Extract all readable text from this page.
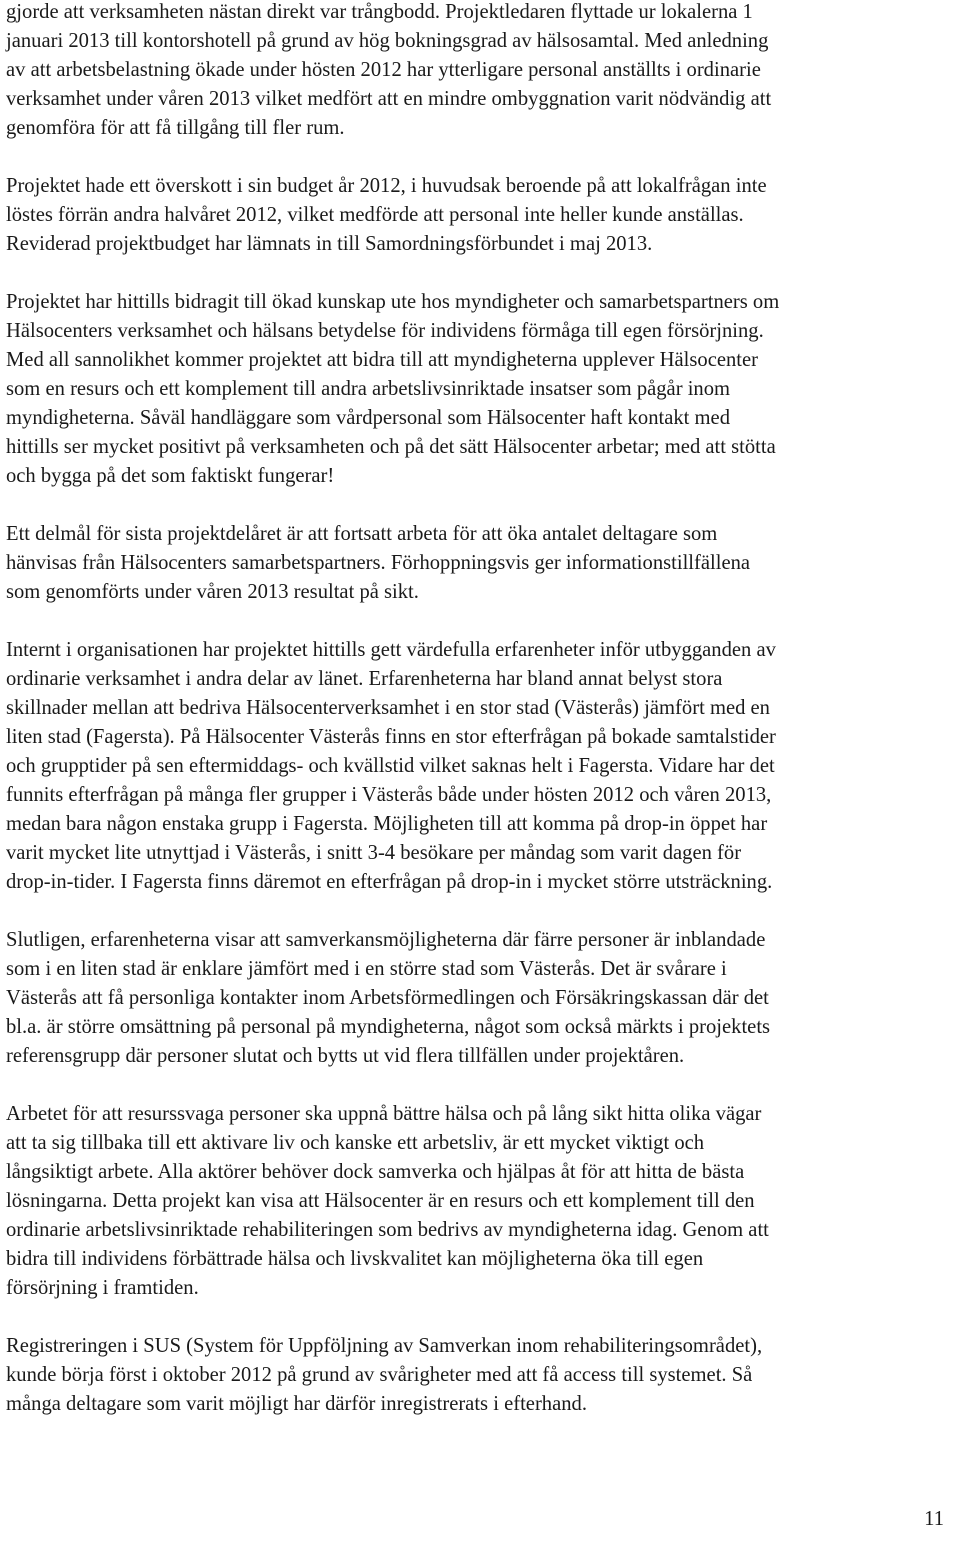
gjorde att verksamheten nästan direkt var trångbodd. Projektledaren flyttade ur lokalerna 1
januari 2013 till kontorshotell på grund av hög bokningsgrad av hälsosamtal. Med anledning
av att arbetsbelastning ökade under hösten 2012 har ytterligare personal anställts i ordinarie
verksamhet under våren 2013 vilket medfört att en mindre ombyggnation varit nödvändig att
genomföra för att få tillgång till fler rum.

Projektet hade ett överskott i sin budget år 2012, i huvudsak beroende på att lokalfrågan inte
löstes förrän andra halvåret 2012, vilket medförde att personal inte heller kunde anställas.
Reviderad projektbudget har lämnats in till Samordningsförbundet i maj 2013.

Projektet har hittills bidragit till ökad kunskap ute hos myndigheter och samarbetspartners om
Hälsocenters verksamhet och hälsans betydelse för individens förmåga till egen försörjning.
Med all sannolikhet kommer projektet att bidra till att myndigheterna upplever Hälsocenter
som en resurs och ett komplement till andra arbetslivsinriktade insatser som pågår inom
myndigheterna. Såväl handläggare som vårdpersonal som Hälsocenter haft kontakt med
hittills ser mycket positivt på verksamheten och på det sätt Hälsocenter arbetar; med att stötta
och bygga på det som faktiskt fungerar!

Ett delmål för sista projektdelåret är att fortsatt arbeta för att öka antalet deltagare som
hänvisas från Hälsocenters samarbetspartners. Förhoppningsvis ger informationstillfällena
som genomförts under våren 2013 resultat på sikt.

Internt i organisationen har projektet hittills gett värdefulla erfarenheter inför utbygganden av
ordinarie verksamhet i andra delar av länet. Erfarenheterna har bland annat belyst stora
skillnader mellan att bedriva Hälsocenterverksamhet i en stor stad (Västerås) jämfört med en
liten stad (Fagersta). På Hälsocenter Västerås finns en stor efterfrågan på bokade samtalstider
och grupptider på sen eftermiddags- och kvällstid vilket saknas helt i Fagersta. Vidare har det
funnits efterfrågan på många fler grupper i Västerås både under hösten 2012 och våren 2013,
medan bara någon enstaka grupp i Fagersta. Möjligheten till att komma på drop-in öppet har
varit mycket lite utnyttjad i Västerås, i snitt 3-4 besökare per måndag som varit dagen för
drop-in-tider. I Fagersta finns däremot en efterfrågan på drop-in i mycket större utsträckning.

Slutligen, erfarenheterna visar att samverkansmöjligheterna där färre personer är inblandade
som i en liten stad är enklare jämfört med i en större stad som Västerås. Det är svårare i
Västerås att få personliga kontakter inom Arbetsförmedlingen och Försäkringskassan där det
bl.a. är större omsättning på personal på myndigheterna, något som också märkts i projektets
referensgrupp där personer slutat och bytts ut vid flera tillfällen under projektåren.

Arbetet för att resurssvaga personer ska uppnå bättre hälsa och på lång sikt hitta olika vägar
att ta sig tillbaka till ett aktivare liv och kanske ett arbetsliv, är ett mycket viktigt och
långsiktigt arbete. Alla aktörer behöver dock samverka och hjälpas åt för att hitta de bästa
lösningarna. Detta projekt kan visa att Hälsocenter är en resurs och ett komplement till den
ordinarie arbetslivsinriktade rehabiliteringen som bedrivs av myndigheterna idag. Genom att
bidra till individens förbättrade hälsa och livskvalitet kan möjligheterna öka till egen
försörjning i framtiden.

Registreringen i SUS (System för Uppföljning av Samverkan inom rehabiliteringsområdet),
kunde börja först i oktober 2012 på grund av svårigheter med att få access till systemet. Så
många deltagare som varit möjligt har därför inregistrerats i efterhand.

11
